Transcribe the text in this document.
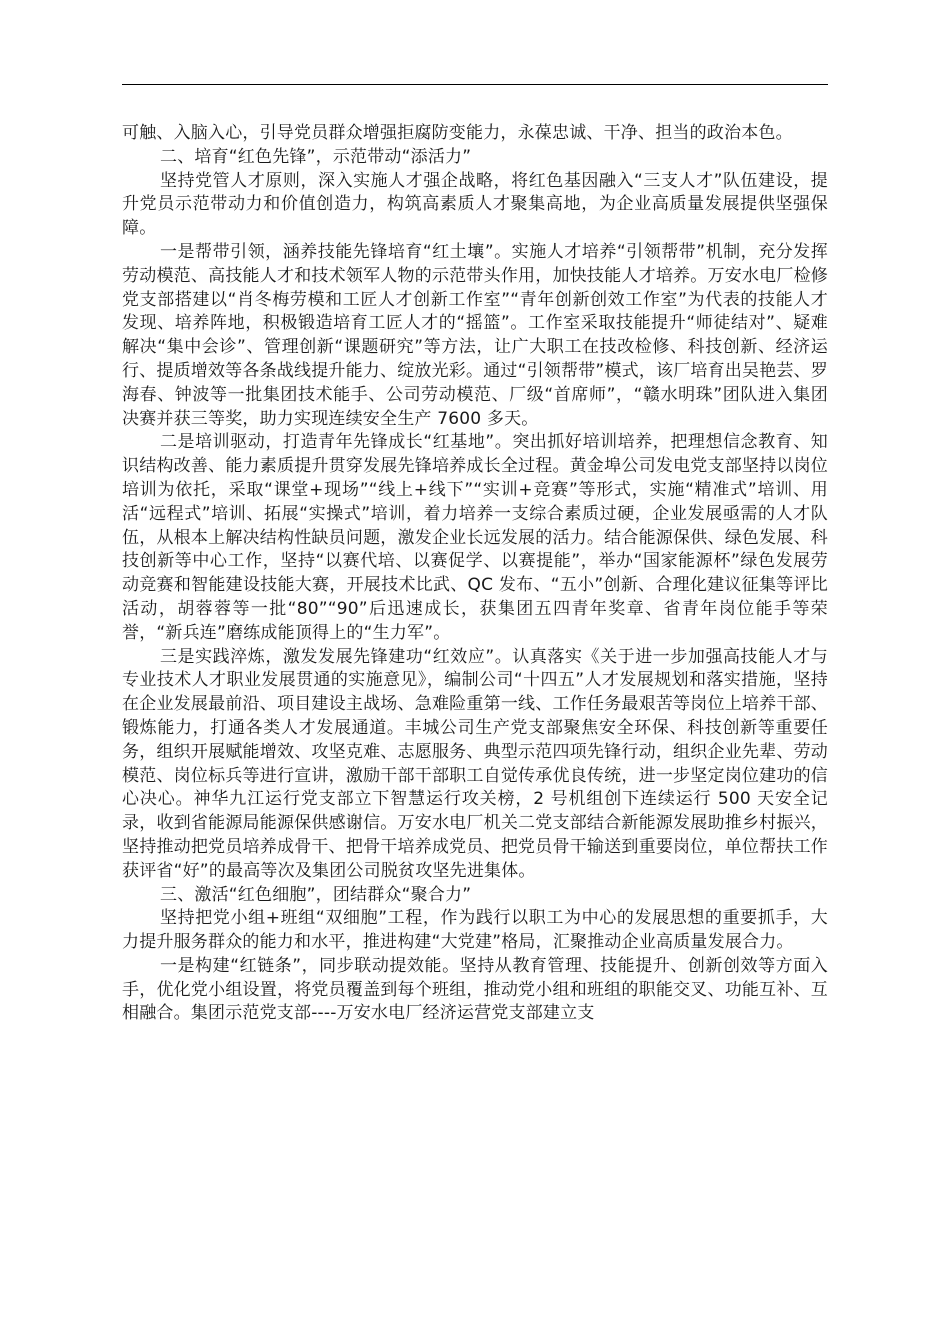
可触、入脑入心，引导党员群众增强拒腐防变能力，永葆忠诚、干净、担当的政治本色。

二、培育“红色先锋”，示范带动“添活力”

坚持党管人才原则，深入实施人才强企战略，将红色基因融入“三支人才”队伍建设，提升党员示范带动力和价值创造力，构筑高素质人才聚集高地，为企业高质量发展提供坚强保障。

一是帮带引领，涵养技能先锋培育“红土壤”。实施人才培养“引领帮带”机制，充分发挥劳动模范、高技能人才和技术领军人物的示范带头作用，加快技能人才培养。万安水电厂检修党支部搭建以“肖冬梅劳模和工匠人才创新工作室”“青年创新创效工作室”为代表的技能人才发现、培养阵地，积极锻造培育工匠人才的“摇篮”。工作室采取技能提升“师徒结对”、疑难解决“集中会诊”、管理创新“课题研究”等方法，让广大职工在技改检修、科技创新、经济运行、提质增效等各条战线提升能力、绽放光彩。通过“引领帮带”模式，该厂培育出吴艳芸、罗海春、钟波等一批集团技术能手、公司劳动模范、厂级“首席师”，“赣水明珠”团队进入集团决赛并获三等奖，助力实现连续安全生产 7600 多天。

二是培训驱动，打造青年先锋成长“红基地”。突出抓好培训培养，把理想信念教育、知识结构改善、能力素质提升贯穿发展先锋培养成长全过程。黄金埠公司发电党支部坚持以岗位培训为依托，采取“课堂+现场”“线上+线下”“实训+竞赛”等形式，实施“精准式”培训、用活“远程式”培训、拓展“实操式”培训，着力培养一支综合素质过硬，企业发展亟需的人才队伍，从根本上解决结构性缺员问题，激发企业长远发展的活力。结合能源保供、绿色发展、科技创新等中心工作，坚持“以赛代培、以赛促学、以赛提能”，举办“国家能源杯”绿色发展劳动竞赛和智能建设技能大赛，开展技术比武、QC 发布、“五小”创新、合理化建议征集等评比活动，胡蓉蓉等一批“80”“90”后迅速成长，获集团五四青年奖章、省青年岗位能手等荣誉，“新兵连”磨练成能顶得上的“生力军”。

三是实践淬炼，激发发展先锋建功“红效应”。认真落实《关于进一步加强高技能人才与专业技术人才职业发展贯通的实施意见》，编制公司“十四五”人才发展规划和落实措施，坚持在企业发展最前沿、项目建设主战场、急难险重第一线、工作任务最艰苦等岗位上培养干部、锻炼能力，打通各类人才发展通道。丰城公司生产党支部聚焦安全环保、科技创新等重要任务，组织开展赋能增效、攻坚克难、志愿服务、典型示范四项先锋行动，组织企业先辈、劳动模范、岗位标兵等进行宣讲，激励干部干部职工自觉传承优良传统，进一步坚定岗位建功的信心决心。神华九江运行党支部立下智慧运行攻关榜，2 号机组创下连续运行 500 天安全记录，收到省能源局能源保供感谢信。万安水电厂机关二党支部结合新能源发展助推乡村振兴，坚持推动把党员培养成骨干、把骨干培养成党员、把党员骨干输送到重要岗位，单位帮扶工作获评省“好”的最高等次及集团公司脱贫攻坚先进集体。

三、激活“红色细胞”，团结群众“聚合力”

坚持把党小组+班组“双细胞”工程，作为践行以职工为中心的发展思想的重要抓手，大力提升服务群众的能力和水平，推进构建“大党建”格局，汇聚推动企业高质量发展合力。

一是构建“红链条”，同步联动提效能。坚持从教育管理、技能提升、创新创效等方面入手，优化党小组设置，将党员覆盖到每个班组，推动党小组和班组的职能交叉、功能互补、互相融合。集团示范党支部----万安水电厂经济运营党支部建立支
